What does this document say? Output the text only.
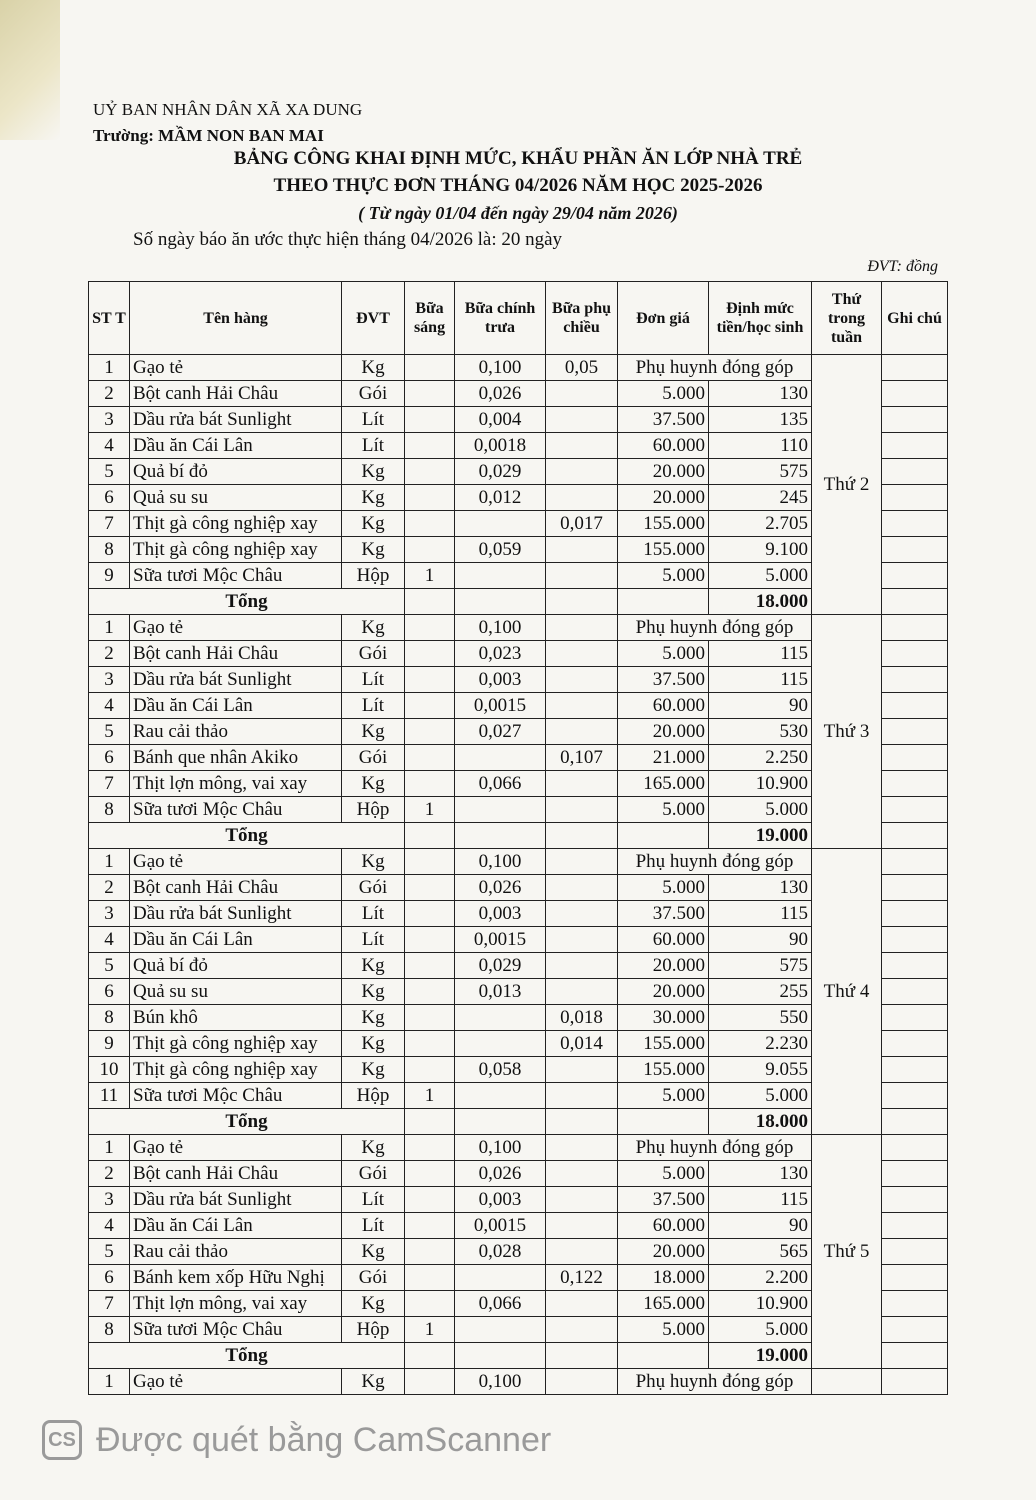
UỶ BAN NHÂN DÂN XÃ XA DUNG
Trường: MẦM NON BAN MAI
BẢNG CÔNG KHAI ĐỊNH MỨC, KHẨU PHẦN ĂN LỚP NHÀ TRẺ
THEO THỰC ĐƠN THÁNG 04/2026 NĂM HỌC 2025-2026
( Từ ngày 01/04 đến ngày 29/04 năm 2026)
Số ngày báo ăn ước thực hiện tháng 04/2026 là: 20 ngày
ĐVT: đồng
ST T	Tên hàng	ĐVT	Bữa sáng	Bữa chính trưa	Bữa phụ chiều	Đơn giá	Định mức tiền/học sinh	Thứ trong tuần	Ghi chú
1	Gạo tẻ	Kg		0,100	0,05	Phụ huynh đóng góp		Thứ 2	
2	Bột canh Hải Châu	Gói		0,026		5.000	130		
3	Dầu rửa bát Sunlight	Lít		0,004		37.500	135		
4	Dầu ăn Cái Lân	Lít		0,0018		60.000	110		
5	Quả bí đỏ	Kg		0,029		20.000	575		
6	Quả su su	Kg		0,012		20.000	245		
7	Thịt gà công nghiệp xay	Kg			0,017	155.000	2.705		
8	Thịt gà công nghiệp xay	Kg		0,059		155.000	9.100		
9	Sữa tươi Mộc Châu	Hộp	1			5.000	5.000		
Tổng							18.000		
1	Gạo tẻ	Kg		0,100		Phụ huynh đóng góp		Thứ 3	
2	Bột canh Hải Châu	Gói		0,023		5.000	115		
3	Dầu rửa bát Sunlight	Lít		0,003		37.500	115		
4	Dầu ăn Cái Lân	Lít		0,0015		60.000	90		
5	Rau cải thảo	Kg		0,027		20.000	530		
6	Bánh que nhân Akiko	Gói			0,107	21.000	2.250		
7	Thịt lợn mông, vai xay	Kg		0,066		165.000	10.900		
8	Sữa tươi Mộc Châu	Hộp	1			5.000	5.000		
Tổng							19.000		
1	Gạo tẻ	Kg		0,100		Phụ huynh đóng góp		Thứ 4	
2	Bột canh Hải Châu	Gói		0,026		5.000	130		
3	Dầu rửa bát Sunlight	Lít		0,003		37.500	115		
4	Dầu ăn Cái Lân	Lít		0,0015		60.000	90		
5	Quả bí đỏ	Kg		0,029		20.000	575		
6	Quả su su	Kg		0,013		20.000	255		
8	Bún khô	Kg			0,018	30.000	550		
9	Thịt gà công nghiệp xay	Kg			0,014	155.000	2.230		
10	Thịt gà công nghiệp xay	Kg		0,058		155.000	9.055		
11	Sữa tươi Mộc Châu	Hộp	1			5.000	5.000		
Tổng							18.000		
1	Gạo tẻ	Kg		0,100		Phụ huynh đóng góp		Thứ 5	
2	Bột canh Hải Châu	Gói		0,026		5.000	130		
3	Dầu rửa bát Sunlight	Lít		0,003		37.500	115		
4	Dầu ăn Cái Lân	Lít		0,0015		60.000	90		
5	Rau cải thảo	Kg		0,028		20.000	565		
6	Bánh kem xốp Hữu Nghị	Gói			0,122	18.000	2.200		
7	Thịt lợn mông, vai xay	Kg		0,066		165.000	10.900		
8	Sữa tươi Mộc Châu	Hộp	1			5.000	5.000		
Tổng							19.000		
1	Gạo tẻ	Kg		0,100		Phụ huynh đóng góp			
CS Được quét bằng CamScanner
